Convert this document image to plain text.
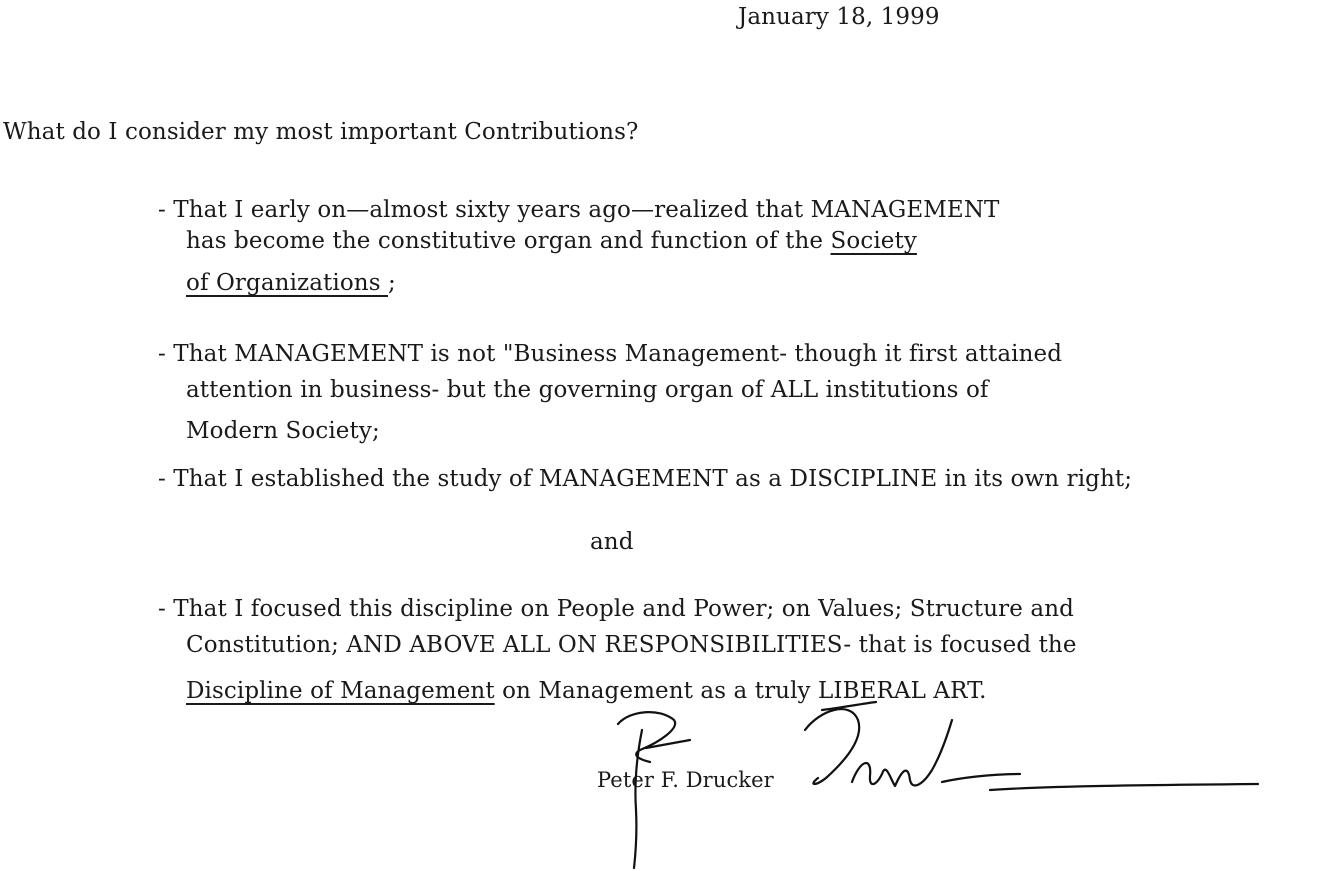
January 18, 1999
What do I consider my most important Contributions?
- That I early on—almost sixty years ago—realized that MANAGEMENT
has become the constitutive organ and function of the Society
of Organizations ;
- That MANAGEMENT is not "Business Management- though it first attained
attention in business- but the governing organ of ALL institutions of
Modern Society;
- That I established the study of MANAGEMENT as a DISCIPLINE in its own right;
and
- That I focused this discipline on People and Power; on Values; Structure and
Constitution; AND ABOVE ALL ON RESPONSIBILITIES- that is focused the
Discipline of Management on Management as a truly LIBERAL ART.
Peter F. Drucker
